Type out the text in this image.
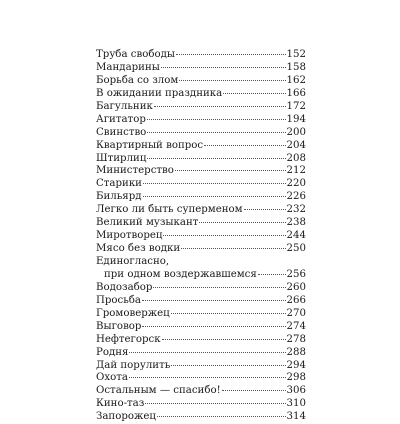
Труба свободы	152
Мандарины	158
Борьба со злом	162
В ожидании праздника	166
Багульник	172
Агитатор	194
Свинство	200
Квартирный вопрос	204
Штирлиц	208
Министерство	212
Старики	220
Бильярд	226
Легко ли быть суперменом	232
Великий музыкант	238
Миротворец	244
Мясо без водки	250
Единогласно,
при одном воздержавшемся	256
Водозабор	260
Просьба	266
Громовержец	270
Выговор	274
Нефтегорск	278
Родня	288
Дай порулить	294
Охота	298
Остальным — спасибо!	306
Кино-таз	310
Запорожец	314
